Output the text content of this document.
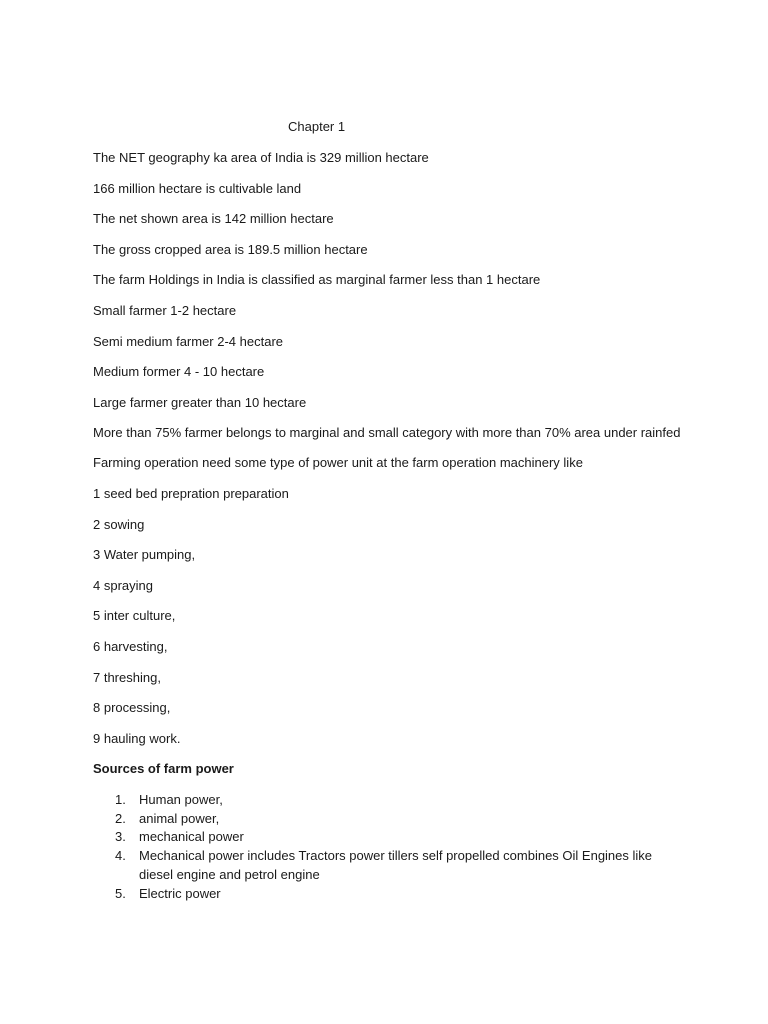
Chapter 1

The NET geography ka area of India is 329 million hectare

166 million hectare is cultivable land

The net shown area is 142 million hectare

The gross cropped area is 189.5 million hectare

The farm Holdings in India is classified as marginal farmer less than 1 hectare

Small farmer 1-2 hectare

Semi medium farmer 2-4 hectare

Medium former 4 - 10 hectare

Large farmer greater than 10 hectare

More than 75% farmer belongs to marginal and small category with more than 70% area under rainfed

Farming operation need some type of power unit at the farm operation machinery like

1 seed bed prepration preparation

2 sowing

3 Water pumping,

4 spraying

5 inter culture,

6 harvesting,

7 threshing,

8 processing,

9 hauling work.

Sources of farm power

1. Human power,
2. animal power,
3. mechanical power
4. Mechanical power includes Tractors power tillers self propelled combines Oil Engines like diesel engine and petrol engine
5. Electric power
